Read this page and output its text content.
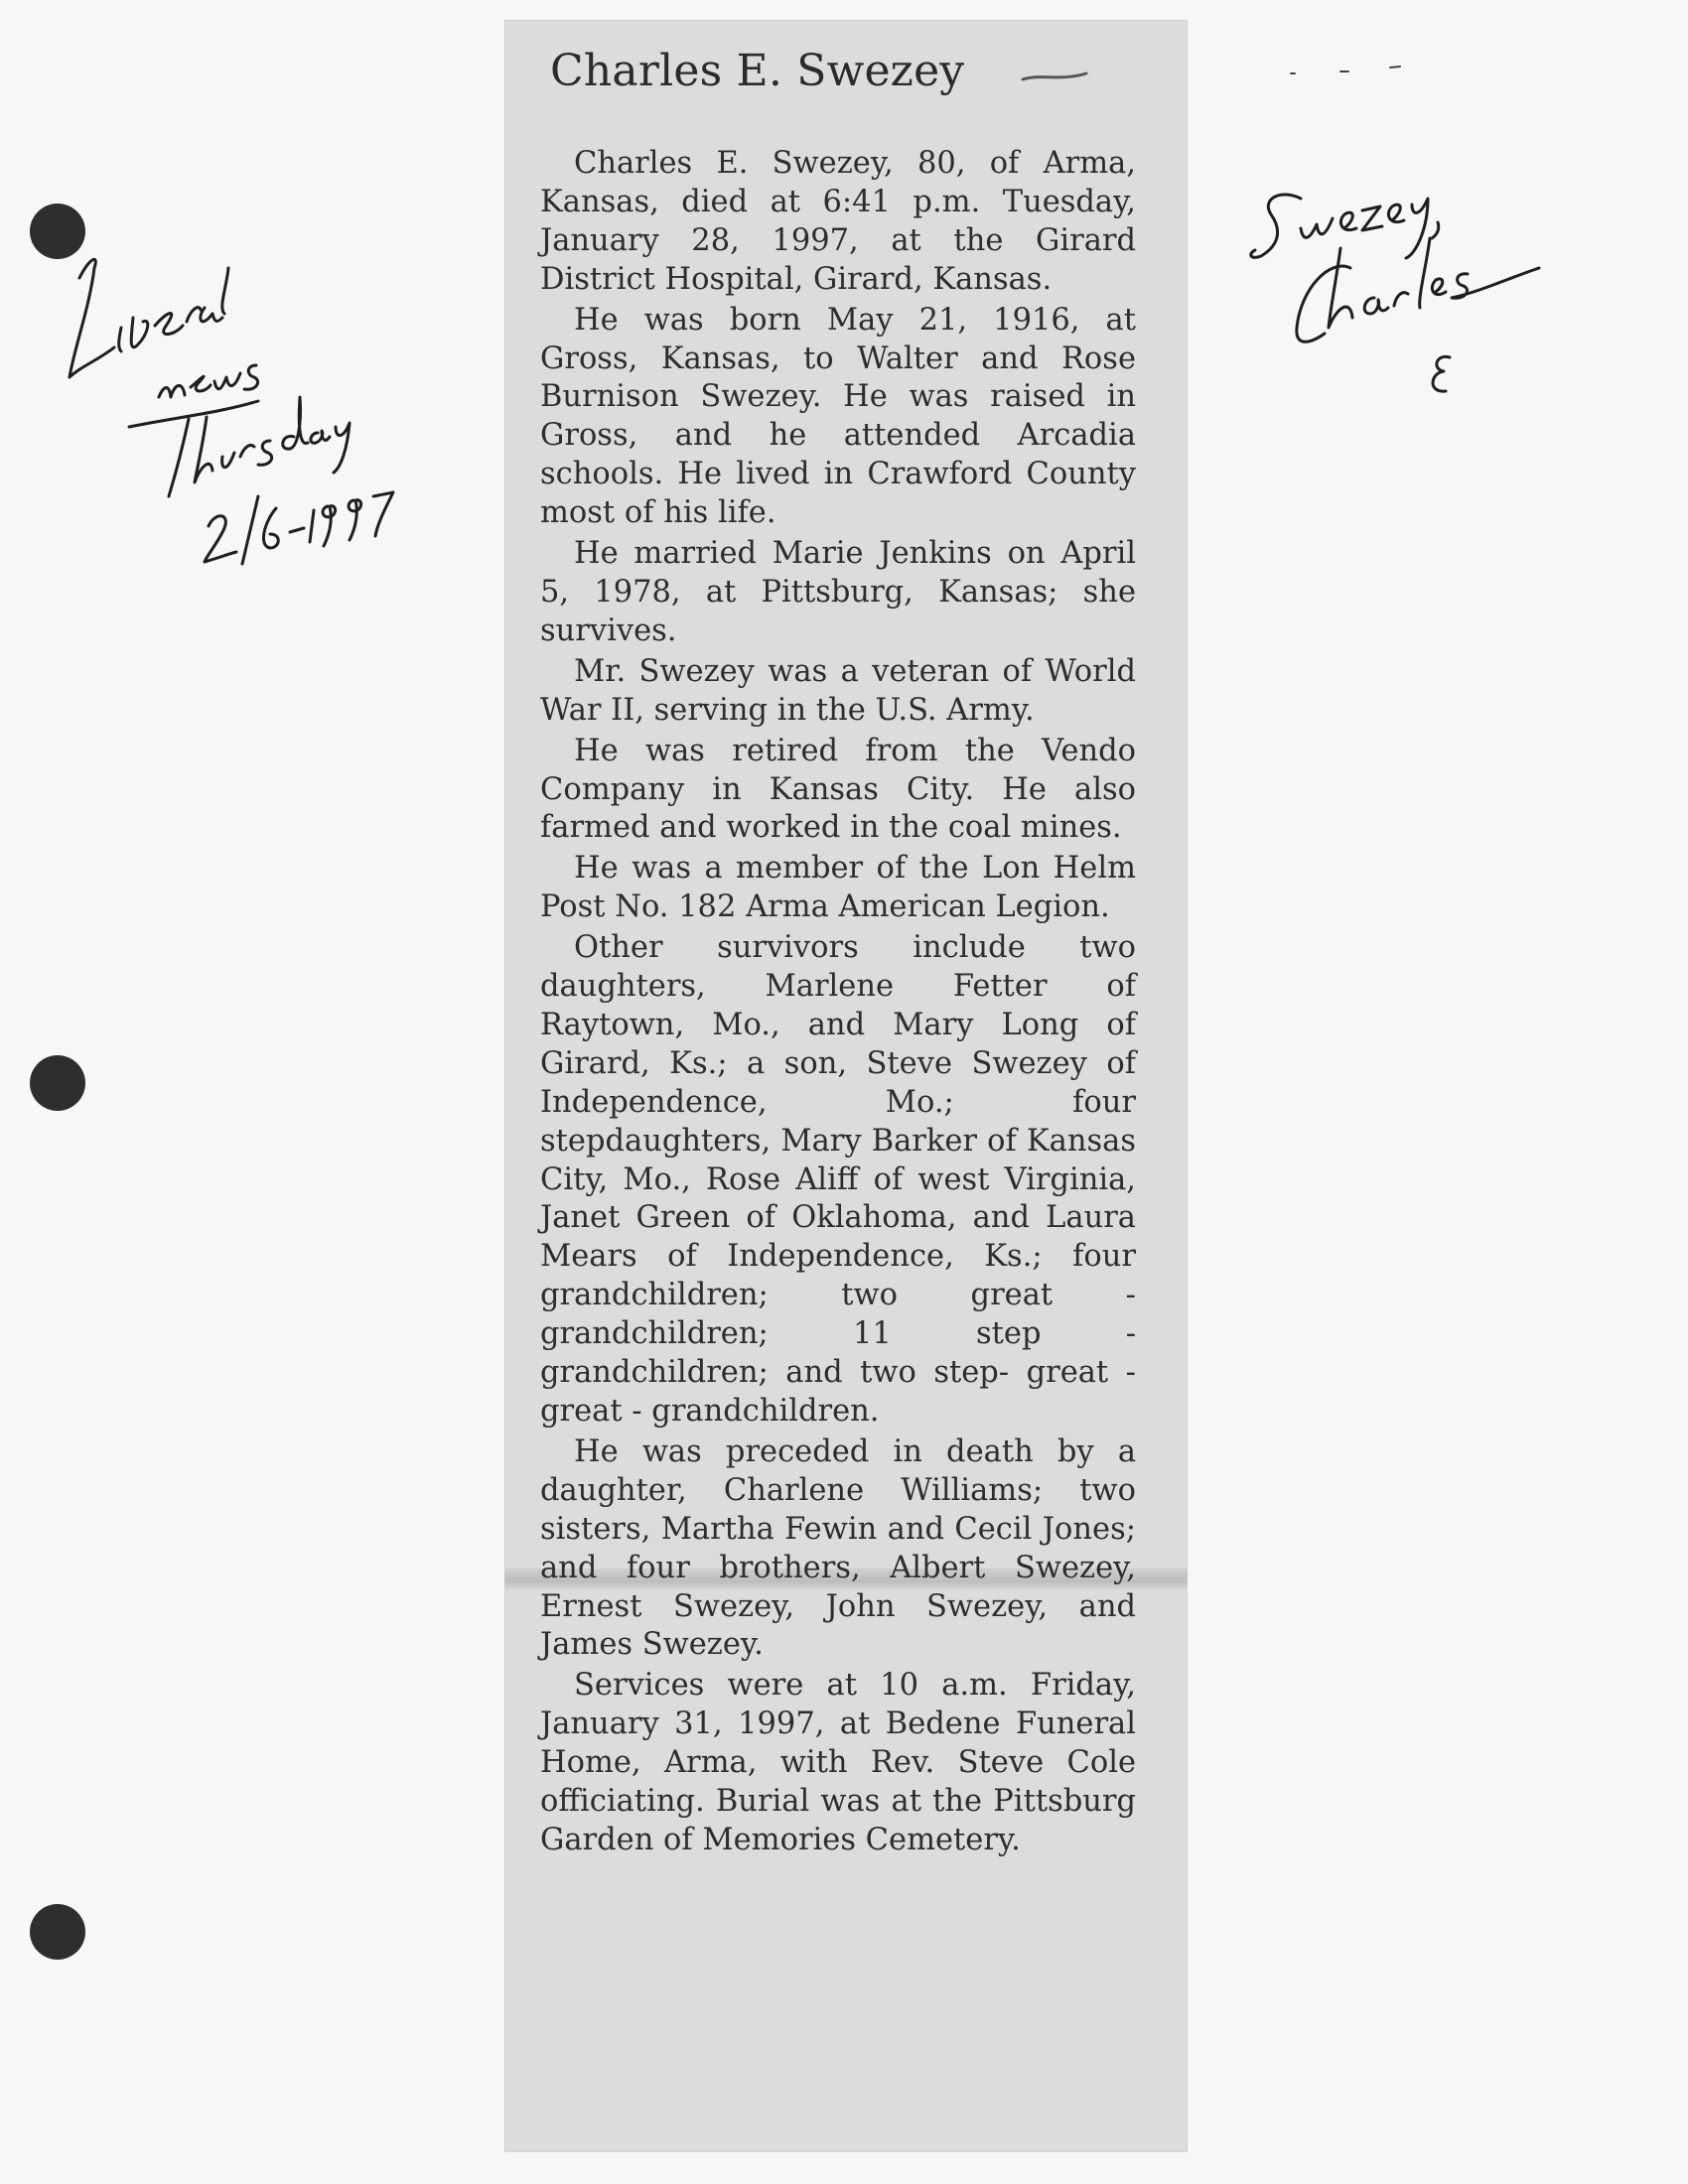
Charles E. Swezey

Charles E. Swezey, 80, of Arma, Kansas, died at 6:41 p.m. Tuesday, January 28, 1997, at the Girard District Hospital, Girard, Kansas.

He was born May 21, 1916, at Gross, Kansas, to Walter and Rose Burnison Swezey. He was raised in Gross, and he attended Arcadia schools. He lived in Crawford County most of his life.

He married Marie Jenkins on April 5, 1978, at Pittsburg, Kansas; she survives.

Mr. Swezey was a veteran of World War II, serving in the U.S. Army.

He was retired from the Vendo Company in Kansas City. He also farmed and worked in the coal mines.

He was a member of the Lon Helm Post No. 182 Arma American Legion.

Other survivors include two daughters, Marlene Fetter of Raytown, Mo., and Mary Long of Girard, Ks.; a son, Steve Swezey of Independence, Mo.; four stepdaughters, Mary Barker of Kansas City, Mo., Rose Aliff of west Virginia, Janet Green of Oklahoma, and Laura Mears of Independence, Ks.; four grandchildren; two great - grandchildren; 11 step - grandchildren; and two step- great - great - grandchildren.

He was preceded in death by a daughter, Charlene Williams; two sisters, Martha Fewin and Cecil Jones; and four brothers, Albert Swezey, Ernest Swezey, John Swezey, and James Swezey.

Services were at 10 a.m. Friday, January 31, 1997, at Bedene Funeral Home, Arma, with Rev. Steve Cole officiating. Burial was at the Pittsburg Garden of Memories Cemetery.
